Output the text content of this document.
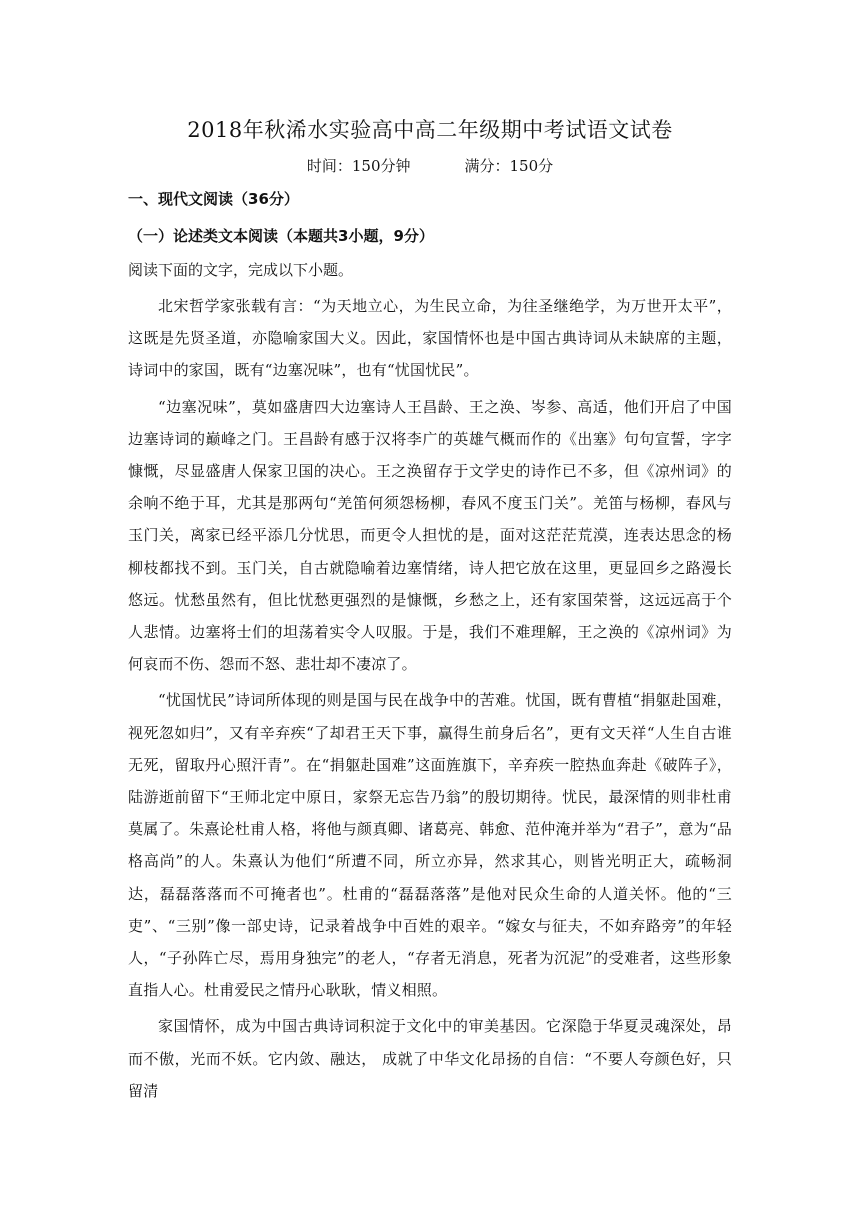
2018年秋浠水实验高中高二年级期中考试语文试卷
时间：150分钟	满分：150分
一、现代文阅读（36分）
（一）论述类文本阅读（本题共3小题，9分）
阅读下面的文字，完成以下小题。

北宋哲学家张载有言：“为天地立心，为生民立命，为往圣继绝学，为万世开太平”，这既是先贤圣道，亦隐喻家国大义。因此，家国情怀也是中国古典诗词从未缺席的主题，诗词中的家国，既有“边塞况味”，也有“忧国忧民”。

“边塞况味”，莫如盛唐四大边塞诗人王昌龄、王之涣、岑参、高适，他们开启了中国边塞诗词的巅峰之门。王昌龄有感于汉将李广的英雄气概而作的《出塞》句句宣誓，字字慷慨，尽显盛唐人保家卫国的决心。王之涣留存于文学史的诗作已不多，但《凉州词》的余响不绝于耳，尤其是那两句“羌笛何须怨杨柳，春风不度玉门关”。羌笛与杨柳，春风与玉门关，离家已经平添几分忧思，而更令人担忧的是，面对这茫茫荒漠，连表达思念的杨柳枝都找不到。玉门关，自古就隐喻着边塞情绪，诗人把它放在这里，更显回乡之路漫长悠远。忧愁虽然有，但比忧愁更强烈的是慷慨，乡愁之上，还有家国荣誉，这远远高于个人悲情。边塞将士们的坦荡着实令人叹服。于是，我们不难理解，王之涣的《凉州词》为何哀而不伤、怨而不怒、悲壮却不凄凉了。

“忧国忧民”诗词所体现的则是国与民在战争中的苦难。忧国，既有曹植“捐躯赴国难，视死忽如归”，又有辛弃疾“了却君王天下事，赢得生前身后名”，更有文天祥“人生自古谁无死，留取丹心照汗青”。在“捐躯赴国难”这面旌旗下，辛弃疾一腔热血奔赴《破阵子》，陆游逝前留下“王师北定中原日，家祭无忘告乃翁”的殷切期待。忧民，最深情的则非杜甫莫属了。朱熹论杜甫人格，将他与颜真卿、诸葛亮、韩愈、范仲淹并举为“君子”，意为“品格高尚”的人。朱熹认为他们“所遭不同，所立亦异，然求其心，则皆光明正大，疏畅洞达，磊磊落落而不可掩者也”。杜甫的“磊磊落落”是他对民众生命的人道关怀。他的“三吏”、“三别”像一部史诗，记录着战争中百姓的艰辛。“嫁女与征夫，不如弃路旁”的年轻人，“子孙阵亡尽，焉用身独完”的老人，“存者无消息，死者为沉泥”的受难者，这些形象直指人心。杜甫爱民之情丹心耿耿，情义相照。

家国情怀，成为中国古典诗词积淀于文化中的审美基因。它深隐于华夏灵魂深处，昂而不傲，光而不妖。它内敛、融达， 成就了中华文化昂扬的自信：“不要人夸颜色好，只留清
